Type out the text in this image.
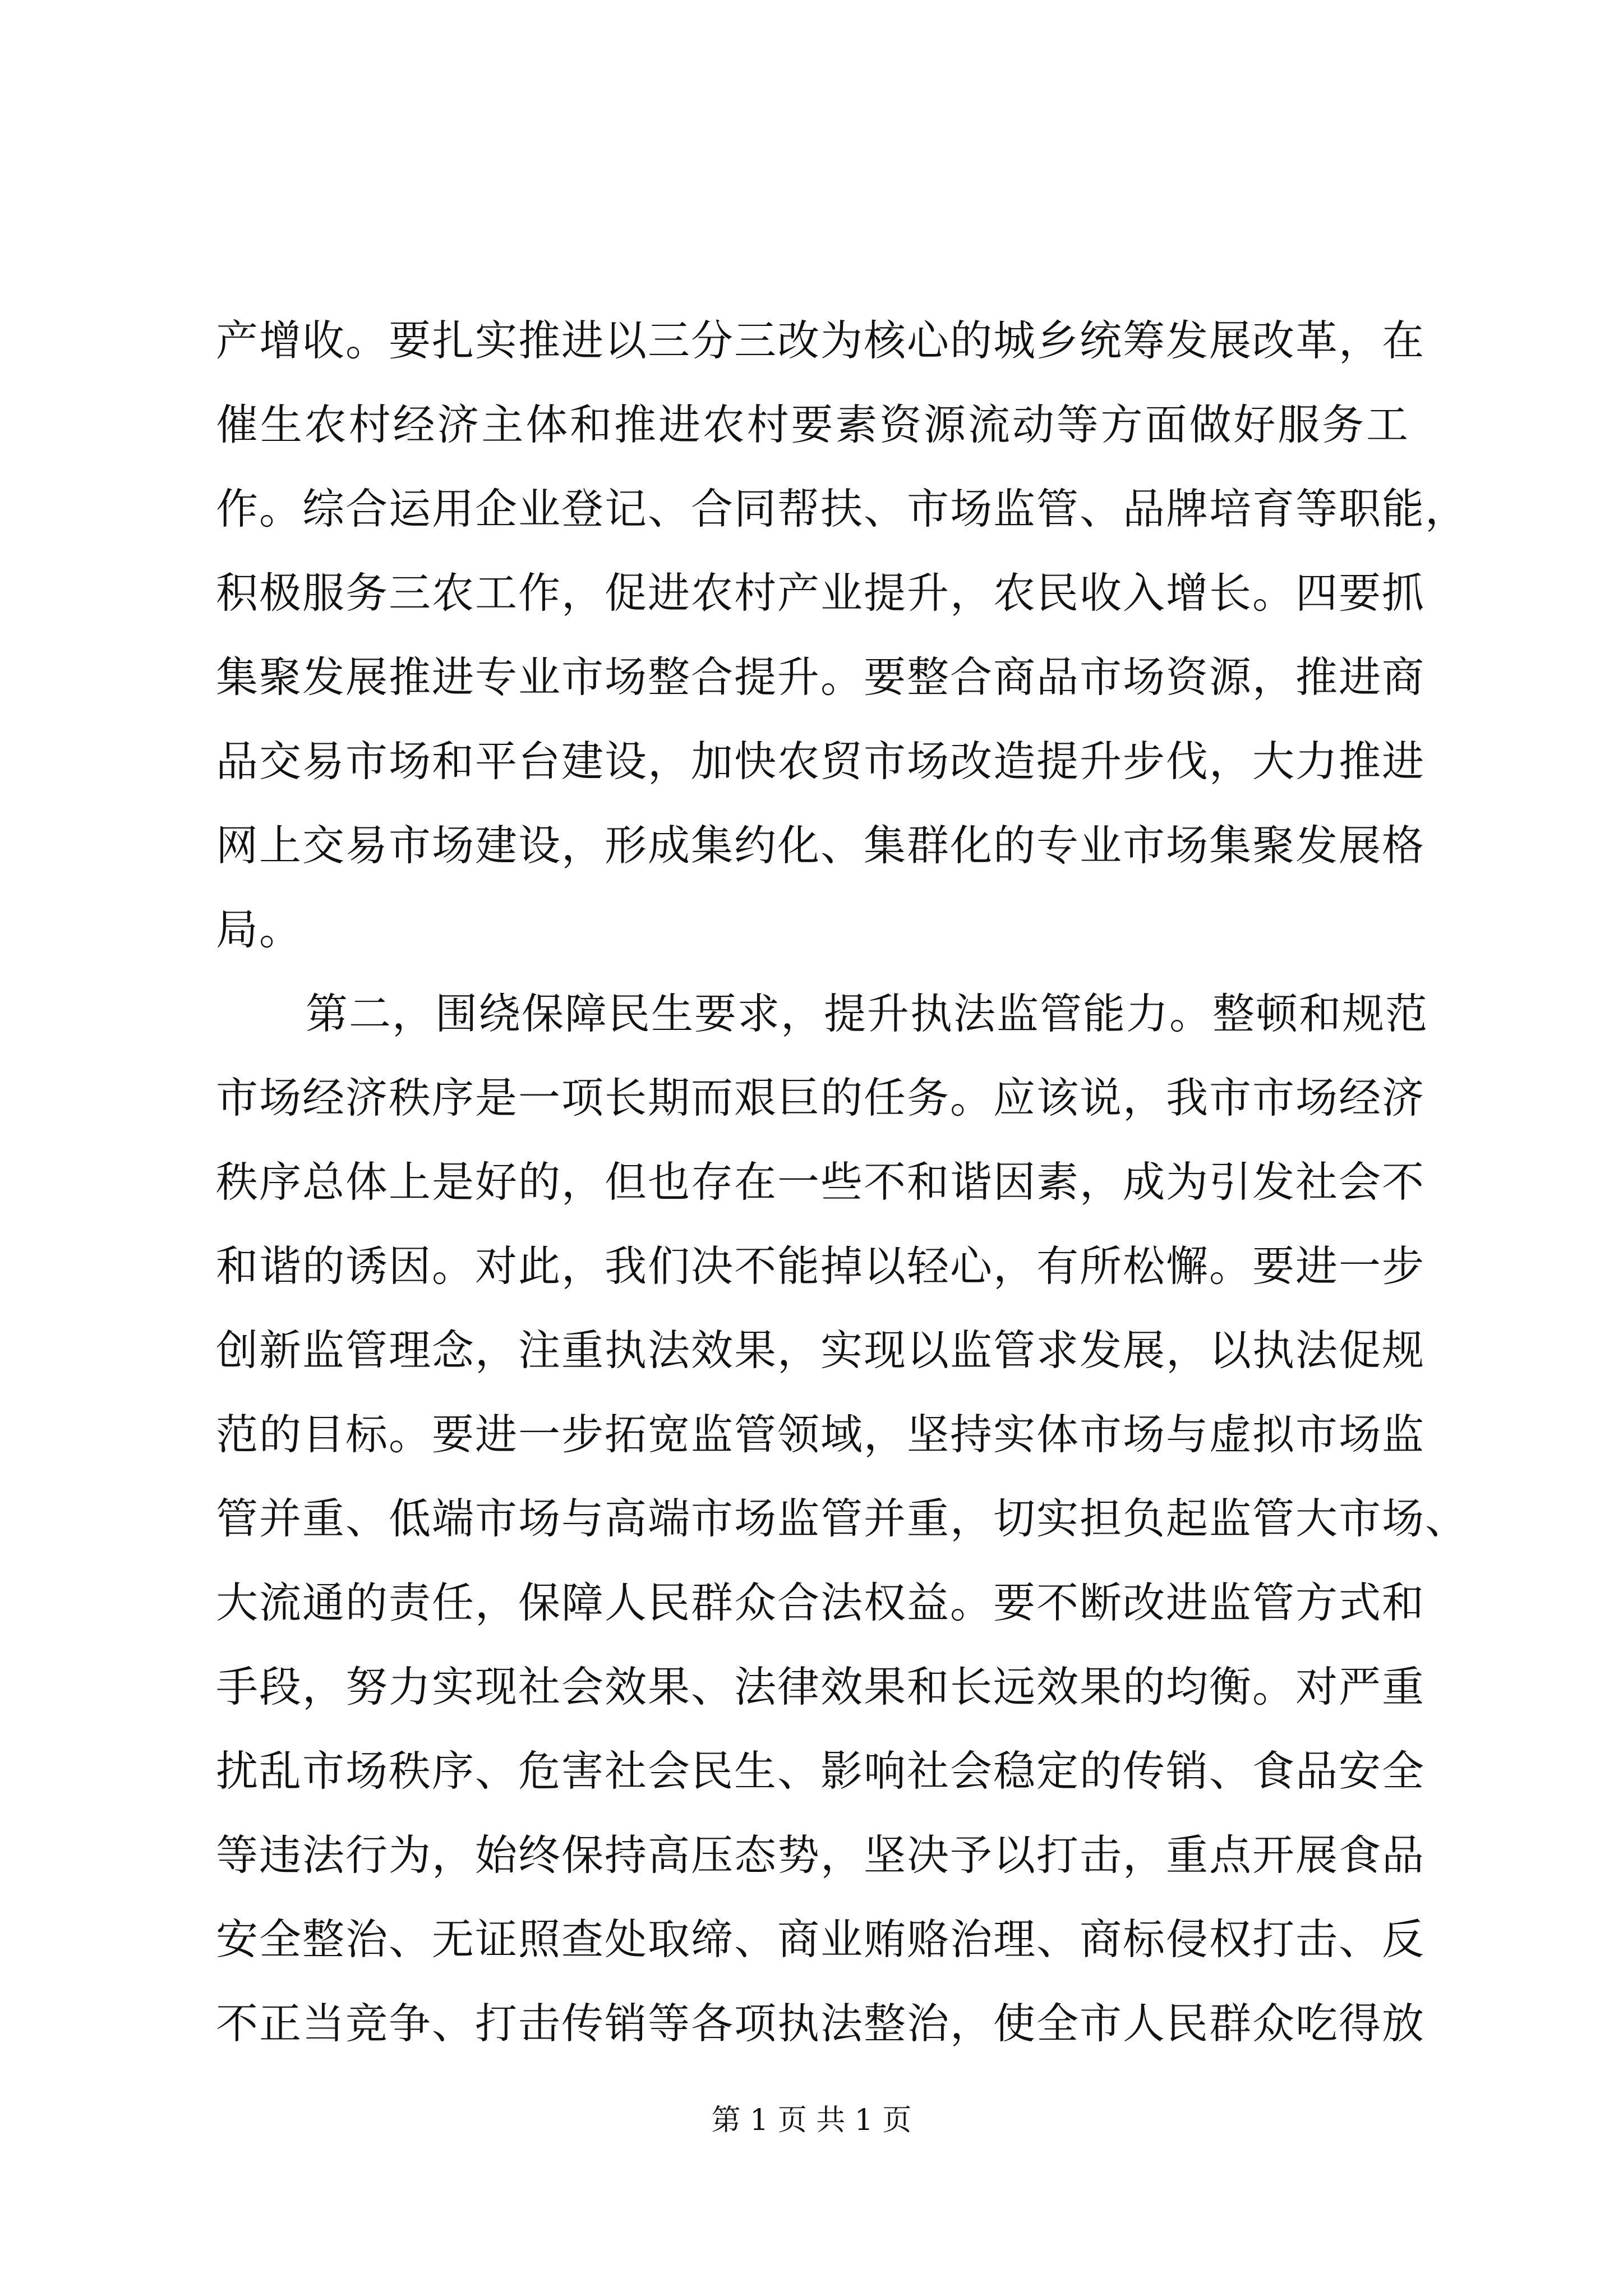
产增收。要扎实推进以三分三改为核心的城乡统筹发展改革，在
催生农村经济主体和推进农村要素资源流动等方面做好服务工
作。综合运用企业登记、合同帮扶、市场监管、品牌培育等职能，
积极服务三农工作，促进农村产业提升，农民收入增长。四要抓
集聚发展推进专业市场整合提升。要整合商品市场资源，推进商
品交易市场和平台建设，加快农贸市场改造提升步伐，大力推进
网上交易市场建设，形成集约化、集群化的专业市场集聚发展格
局。
第二，围绕保障民生要求，提升执法监管能力。整顿和规范
市场经济秩序是一项长期而艰巨的任务。应该说，我市市场经济
秩序总体上是好的，但也存在一些不和谐因素，成为引发社会不
和谐的诱因。对此，我们决不能掉以轻心，有所松懈。要进一步
创新监管理念，注重执法效果，实现以监管求发展，以执法促规
范的目标。要进一步拓宽监管领域，坚持实体市场与虚拟市场监
管并重、低端市场与高端市场监管并重，切实担负起监管大市场、
大流通的责任，保障人民群众合法权益。要不断改进监管方式和
手段，努力实现社会效果、法律效果和长远效果的均衡。对严重
扰乱市场秩序、危害社会民生、影响社会稳定的传销、食品安全
等违法行为，始终保持高压态势，坚决予以打击，重点开展食品
安全整治、无证照查处取缔、商业贿赂治理、商标侵权打击、反
不正当竞争、打击传销等各项执法整治，使全市人民群众吃得放
第 1 页 共 1 页
